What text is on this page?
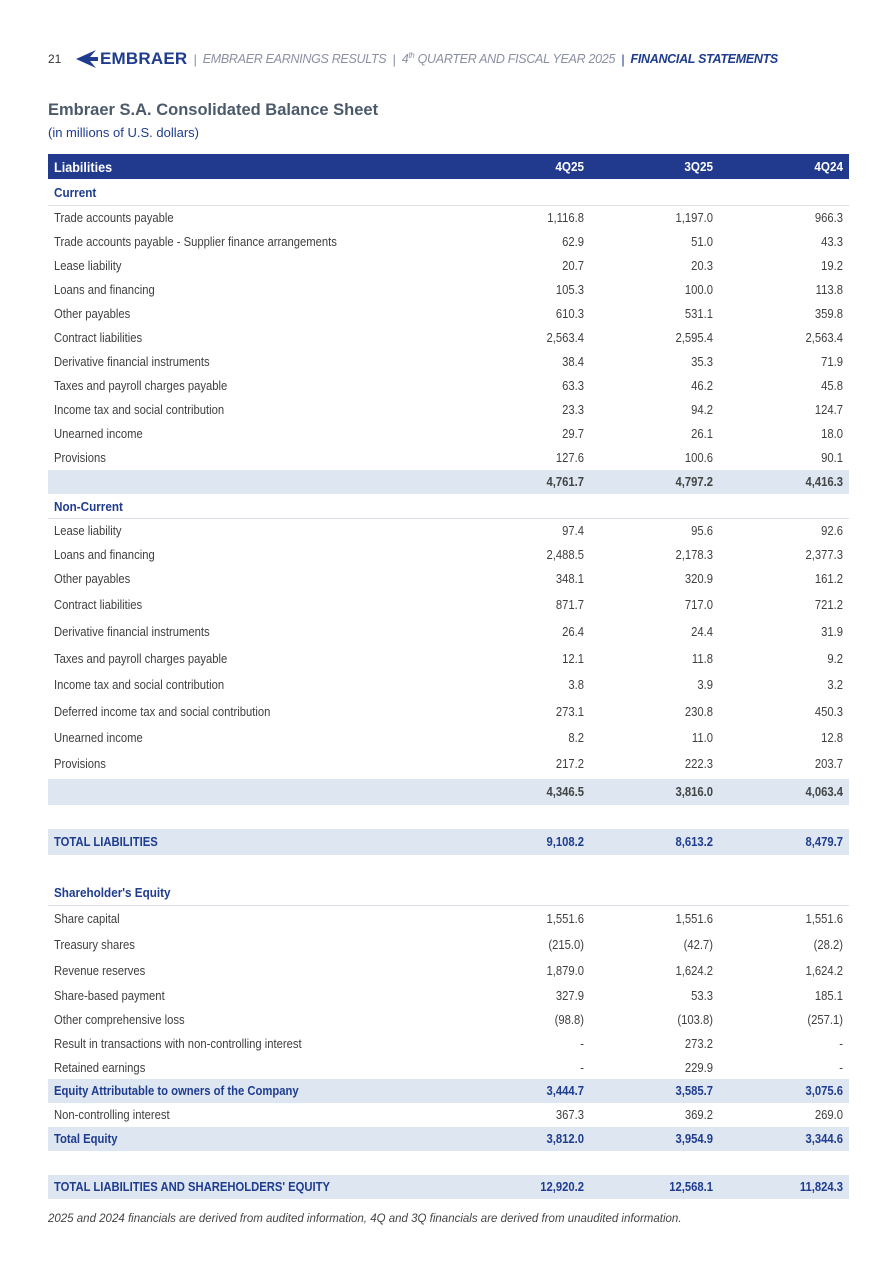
21	EMBRAER | EMBRAER EARNINGS RESULTS | 4th QUARTER AND FISCAL YEAR 2025 | FINANCIAL STATEMENTS
Embraer S.A. Consolidated Balance Sheet
(in millions of U.S. dollars)
Liabilities	4Q25	3Q25	4Q24
Current
Trade accounts payable	1,116.8	1,197.0	966.3
Trade accounts payable - Supplier finance arrangements	62.9	51.0	43.3
Lease liability	20.7	20.3	19.2
Loans and financing	105.3	100.0	113.8
Other payables	610.3	531.1	359.8
Contract liabilities	2,563.4	2,595.4	2,563.4
Derivative financial instruments	38.4	35.3	71.9
Taxes and payroll charges payable	63.3	46.2	45.8
Income tax and social contribution	23.3	94.2	124.7
Unearned income	29.7	26.1	18.0
Provisions	127.6	100.6	90.1
4,761.7	4,797.2	4,416.3
Non-Current
Lease liability	97.4	95.6	92.6
Loans and financing	2,488.5	2,178.3	2,377.3
Other payables	348.1	320.9	161.2
Contract liabilities	871.7	717.0	721.2
Derivative financial instruments	26.4	24.4	31.9
Taxes and payroll charges payable	12.1	11.8	9.2
Income tax and social contribution	3.8	3.9	3.2
Deferred income tax and social contribution	273.1	230.8	450.3
Unearned income	8.2	11.0	12.8
Provisions	217.2	222.3	203.7
4,346.5	3,816.0	4,063.4
TOTAL LIABILITIES	9,108.2	8,613.2	8,479.7
Shareholder's Equity
Share capital	1,551.6	1,551.6	1,551.6
Treasury shares	(215.0)	(42.7)	(28.2)
Revenue reserves	1,879.0	1,624.2	1,624.2
Share-based payment	327.9	53.3	185.1
Other comprehensive loss	(98.8)	(103.8)	(257.1)
Result in transactions with non-controlling interest	-	273.2	-
Retained earnings	-	229.9	-
Equity Attributable to owners of the Company	3,444.7	3,585.7	3,075.6
Non-controlling interest	367.3	369.2	269.0
Total Equity	3,812.0	3,954.9	3,344.6
TOTAL LIABILITIES AND SHAREHOLDERS' EQUITY	12,920.2	12,568.1	11,824.3
2025 and 2024 financials are derived from audited information, 4Q and 3Q financials are derived from unaudited information.
